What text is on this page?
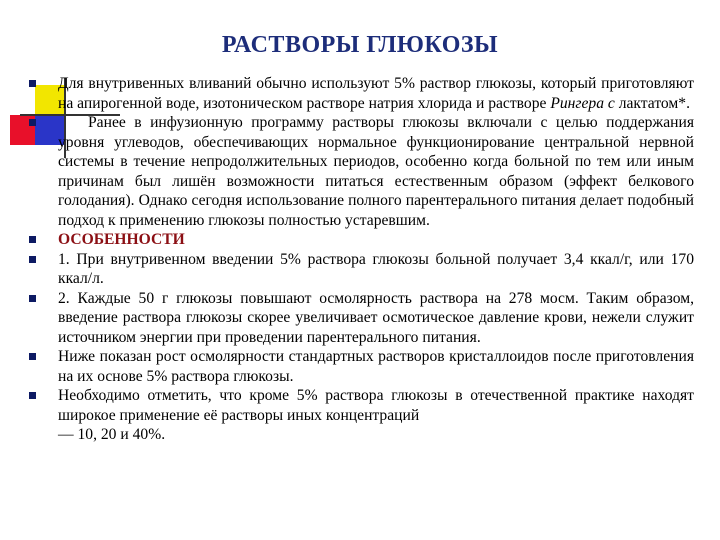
РАСТВОРЫ ГЛЮКОЗЫ
Для внутривенных вливаний обычно используют 5% раствор глюкозы, который приготовляют на апирогенной воде, изотоническом растворе натрия хлорида и растворе Рингера с лактатом*.
Ранее в инфузионную программу растворы глюкозы включали с целью поддержания уровня углеводов, обеспечивающих нормальное функционирование центральной нервной системы в течение непродолжительных периодов, особенно когда больной по тем или иным причинам был лишён возможности питаться естественным образом (эффект белкового голодания). Однако сегодня использование полного парентерального питания делает подобный подход к применению глюкозы полностью устаревшим.
ОСОБЕННОСТИ
1. При внутривенном введении 5% раствора глюкозы больной получает 3,4 ккал/г, или 170 ккал/л.
2. Каждые 50 г глюкозы повышают осмолярность раствора на 278 мосм. Таким образом, введение раствора глюкозы скорее увеличивает осмотическое давление крови, нежели служит источником энергии при проведении парентерального питания.
Ниже показан рост осмолярности стандартных растворов кристаллоидов после приготовления на их основе 5% раствора глюкозы.
Необходимо отметить, что кроме 5% раствора глюкозы в отечественной практике находят широкое применение её растворы иных концентраций
— 10, 20 и 40%.
